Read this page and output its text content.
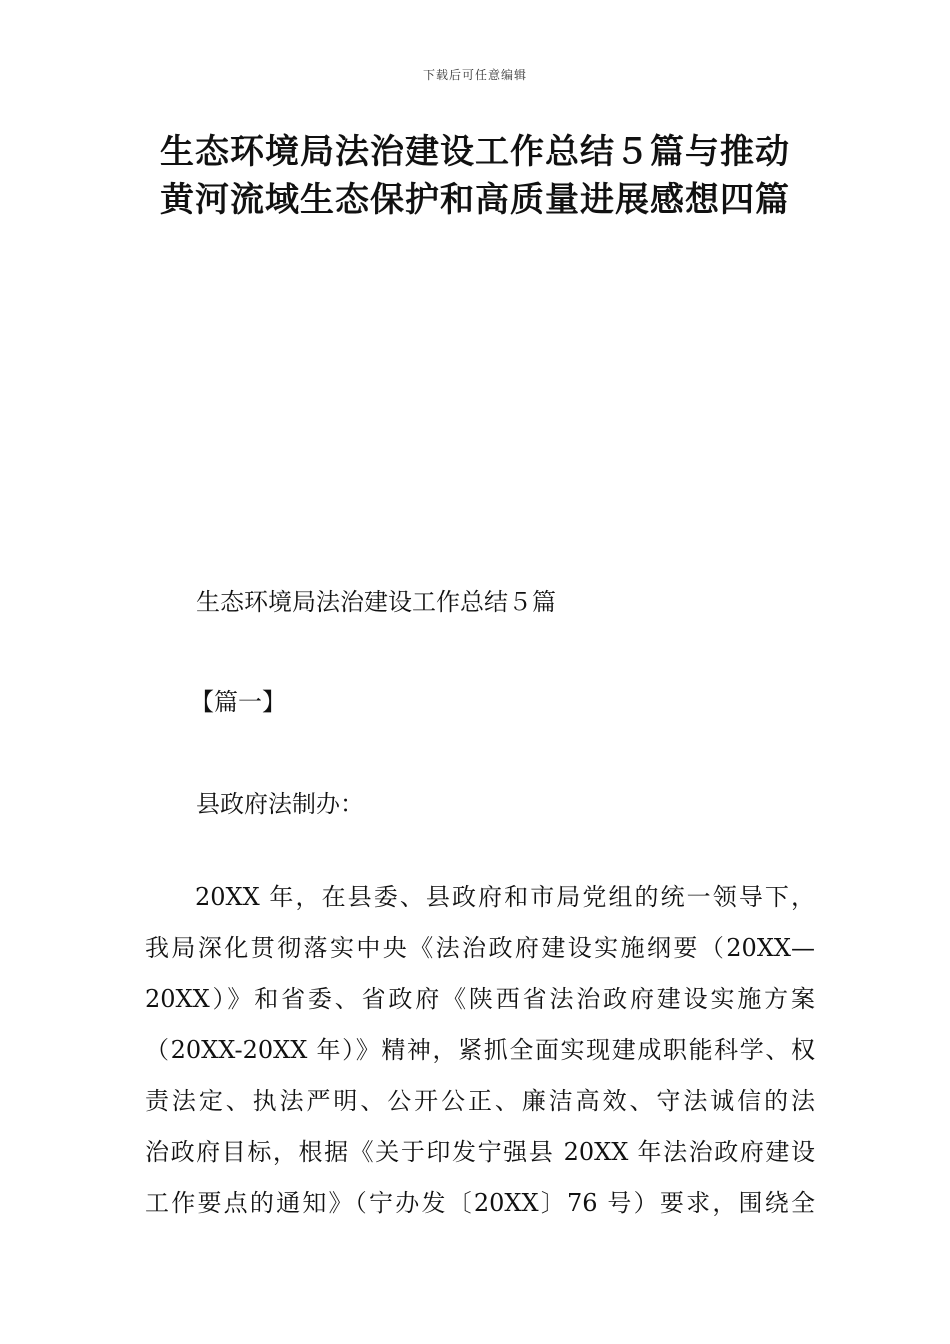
下载后可任意编辑
生态环境局法治建设工作总结５篇与推动
黄河流域生态保护和高质量进展感想四篇
生态环境局法治建设工作总结５篇
【篇一】
县政府法制办：
20XX 年，在县委、县政府和市局党组的统一领导下，
我局深化贯彻落实中央《法治政府建设实施纲要（20XX—
20XX）》和省委、省政府《陕西省法治政府建设实施方案
（20XX-20XX 年）》精神，紧抓全面实现建成职能科学、权
责法定、执法严明、公开公正、廉洁高效、守法诚信的法
治政府目标，根据《关于印发宁强县 20XX 年法治政府建设
工作要点的通知》（宁办发〔20XX〕76 号）要求，围绕全
